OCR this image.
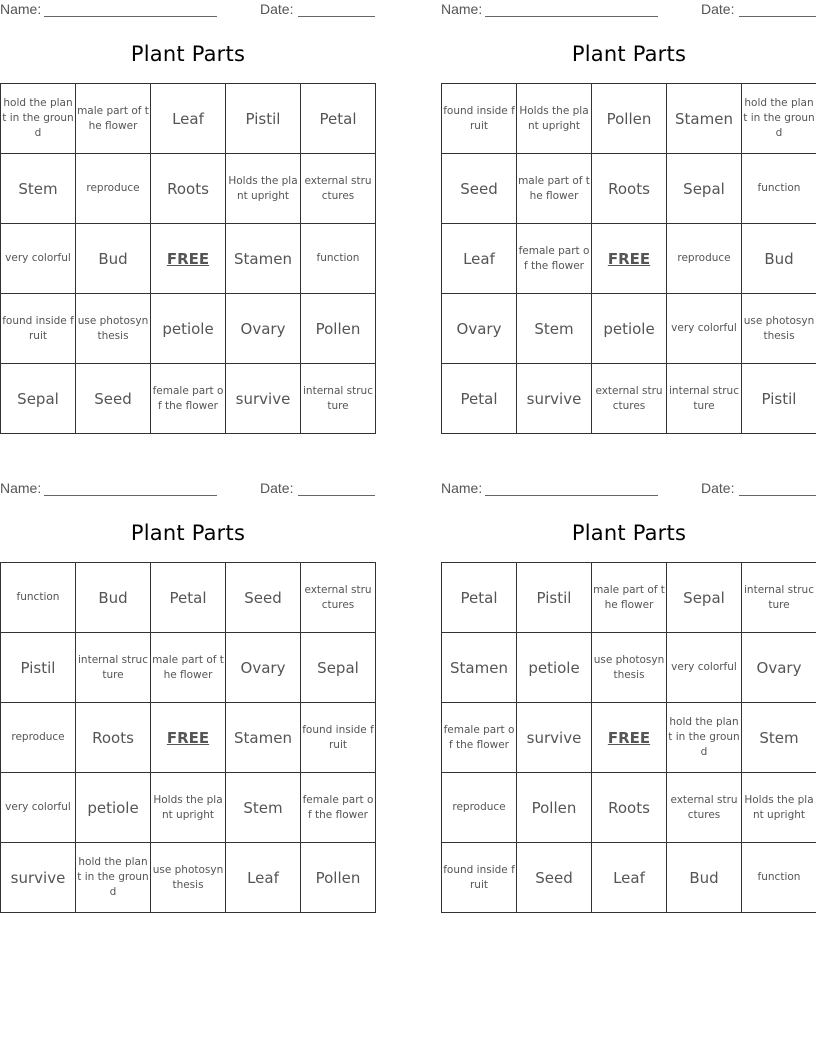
Name:	Date:
Plant Parts
hold the plant in the ground	male part of the flower	Leaf	Pistil	Petal
Stem	reproduce	Roots	Holds the plant upright	external structures
very colorful	Bud	FREE	Stamen	function
found inside fruit	use photosynthesis	petiole	Ovary	Pollen
Sepal	Seed	female part of the flower	survive	internal structure
Name:	Date:
Plant Parts
found inside fruit	Holds the plant upright	Pollen	Stamen	hold the plant in the ground
Seed	male part of the flower	Roots	Sepal	function
Leaf	female part of the flower	FREE	reproduce	Bud
Ovary	Stem	petiole	very colorful	use photosynthesis
Petal	survive	external structures	internal structure	Pistil
Name:	Date:
Plant Parts
function	Bud	Petal	Seed	external structures
Pistil	internal structure	male part of the flower	Ovary	Sepal
reproduce	Roots	FREE	Stamen	found inside fruit
very colorful	petiole	Holds the plant upright	Stem	female part of the flower
survive	hold the plant in the ground	use photosynthesis	Leaf	Pollen
Name:	Date:
Plant Parts
Petal	Pistil	male part of the flower	Sepal	internal structure
Stamen	petiole	use photosynthesis	very colorful	Ovary
female part of the flower	survive	FREE	hold the plant in the ground	Stem
reproduce	Pollen	Roots	external structures	Holds the plant upright
found inside fruit	Seed	Leaf	Bud	function
